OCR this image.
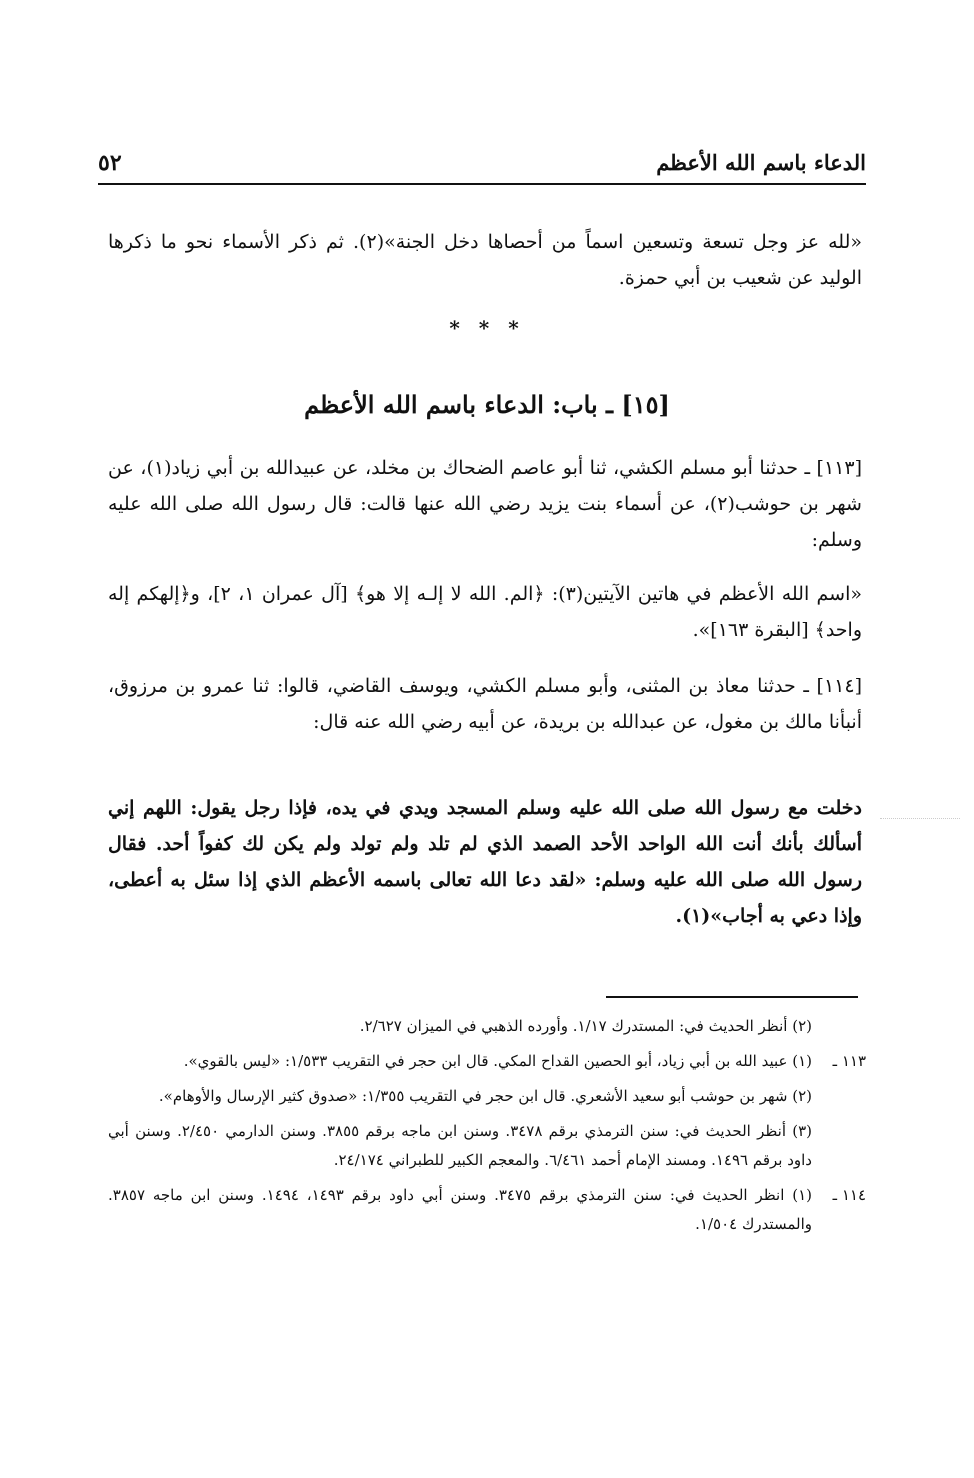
الدعاء باسم الله الأعظم
٥٢
«لله عز وجل تسعة وتسعين اسماً من أحصاها دخل الجنة»(٢). ثم ذكر الأسماء نحو ما ذكرها الوليد عن شعيب بن أبي حمزة.
* * *
[١٥] ـ باب: الدعاء باسم الله الأعظم
[١١٣] ـ حدثنا أبو مسلم الكشي، ثنا أبو عاصم الضحاك بن مخلد، عن عبيدالله بن أبي زياد(١)، عن شهر بن حوشب(٢)، عن أسماء بنت يزيد رضي الله عنها قالت: قال رسول الله صلى الله عليه وسلم:
«اسم الله الأعظم في هاتين الآيتين(٣): ﴿الم. الله لا إلـه إلا هو﴾ [آل عمران ١، ٢]، و﴿إلهكم إله واحد﴾ [البقرة ١٦٣]».
[١١٤] ـ حدثنا معاذ بن المثنى، وأبو مسلم الكشي، ويوسف القاضي، قالوا: ثنا عمرو بن مرزوق، أنبأنا مالك بن مغول، عن عبدالله بن بريدة، عن أبيه رضي الله عنه قال:
دخلت مع رسول الله صلى الله عليه وسلم المسجد ويدي في يده، فإذا رجل يقول: اللهم إني أسألك بأنك أنت الله الواحد الأحد الصمد الذي لم تلد ولم تولد ولم يكن لك كفواً أحد. فقال رسول الله صلى الله عليه وسلم: «لقد دعا الله تعالى باسمه الأعظم الذي إذا سئل به أعطى، وإذا دعي به أجاب»(١).
(٢) أنظر الحديث في: المستدرك ١/١٧. وأورده الذهبي في الميزان ٢/٦٢٧.
١١٣ ـ
(١) عبيد الله بن أبي زياد، أبو الحصين القداح المكي. قال ابن حجر في التقريب ١/٥٣٣: «ليس بالقوي».
(٢) شهر بن حوشب أبو سعيد الأشعري. قال ابن حجر في التقريب ١/٣٥٥: «صدوق كثير الإرسال والأوهام».
(٣) أنظر الحديث في: سنن الترمذي برقم ٣٤٧٨. وسنن ابن ماجه برقم ٣٨٥٥. وسنن الدارمي ٢/٤٥٠. وسنن أبي داود برقم ١٤٩٦. ومسند الإمام أحمد ٦/٤٦١. والمعجم الكبير للطبراني ٢٤/١٧٤.
١١٤ ـ
(١) انظر الحديث في: سنن الترمذي برقم ٣٤٧٥. وسنن أبي داود برقم ١٤٩٣، ١٤٩٤. وسنن ابن ماجه ٣٨٥٧. والمستدرك ١/٥٠٤.
